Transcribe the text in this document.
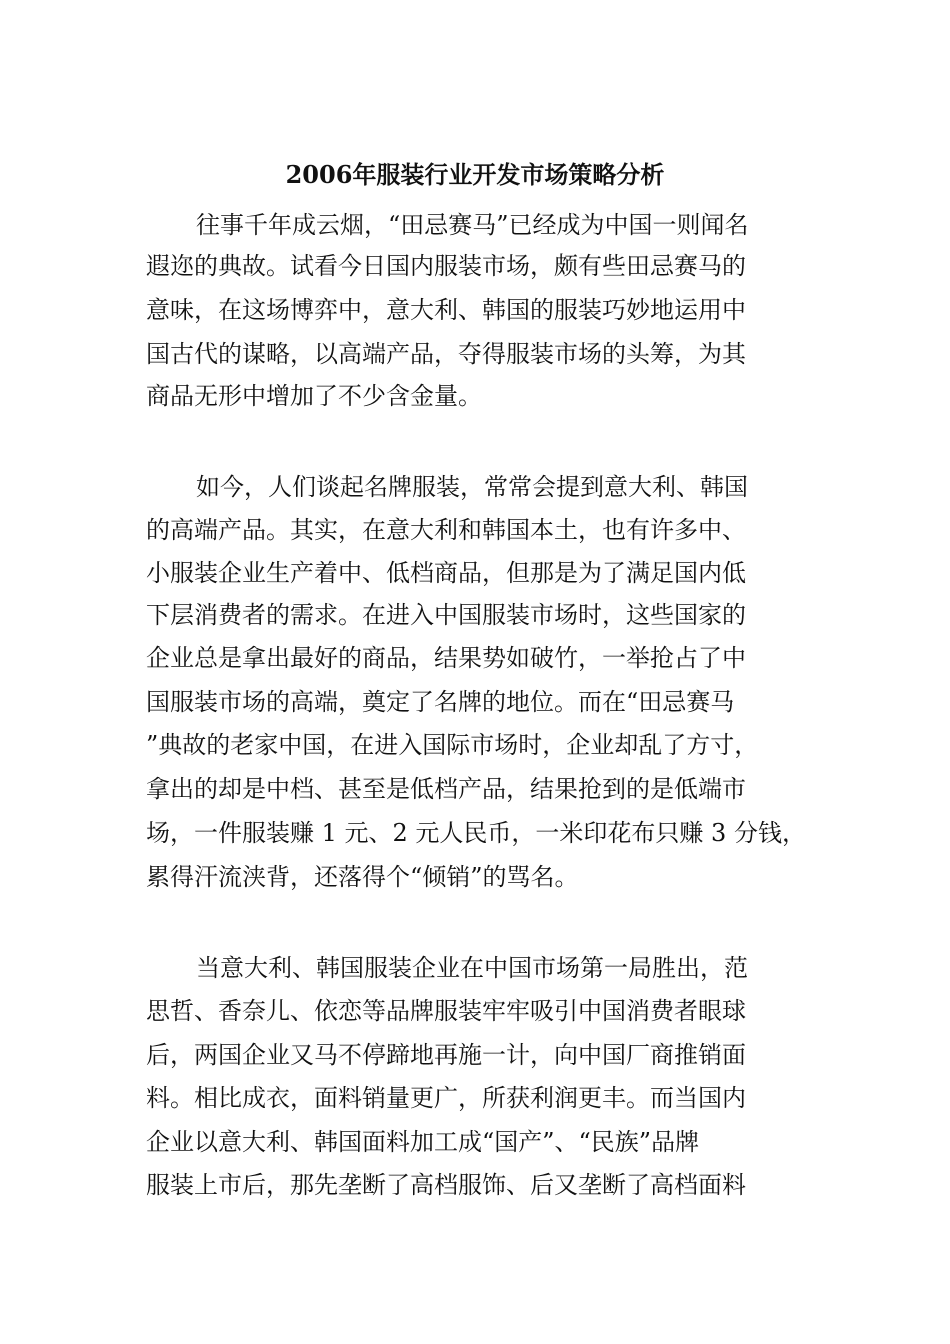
2006年服装行业开发市场策略分析

往事千年成云烟，“田忌赛马”已经成为中国一则闻名

遐迩的典故。试看今日国内服装市场，颇有些田忌赛马的

意味，在这场博弈中，意大利、韩国的服装巧妙地运用中

国古代的谋略，以高端产品，夺得服装市场的头筹，为其

商品无形中增加了不少含金量。

如今，人们谈起名牌服装，常常会提到意大利、韩国

的高端产品。其实，在意大利和韩国本土，也有许多中、

小服装企业生产着中、低档商品，但那是为了满足国内低

下层消费者的需求。在进入中国服装市场时，这些国家的

企业总是拿出最好的商品，结果势如破竹，一举抢占了中

国服装市场的高端，奠定了名牌的地位。而在“田忌赛马

”典故的老家中国，在进入国际市场时，企业却乱了方寸，

拿出的却是中档、甚至是低档产品，结果抢到的是低端市

场，一件服装赚 1 元、2 元人民币，一米印花布只赚 3 分钱，

累得汗流浃背，还落得个“倾销”的骂名。

当意大利、韩国服装企业在中国市场第一局胜出，范

思哲、香奈儿、依恋等品牌服装牢牢吸引中国消费者眼球

后，两国企业又马不停蹄地再施一计，向中国厂商推销面

料。相比成衣，面料销量更广，所获利润更丰。而当国内

企业以意大利、韩国面料加工成“国产”、“民族”品牌

服装上市后，那先垄断了高档服饰、后又垄断了高档面料
